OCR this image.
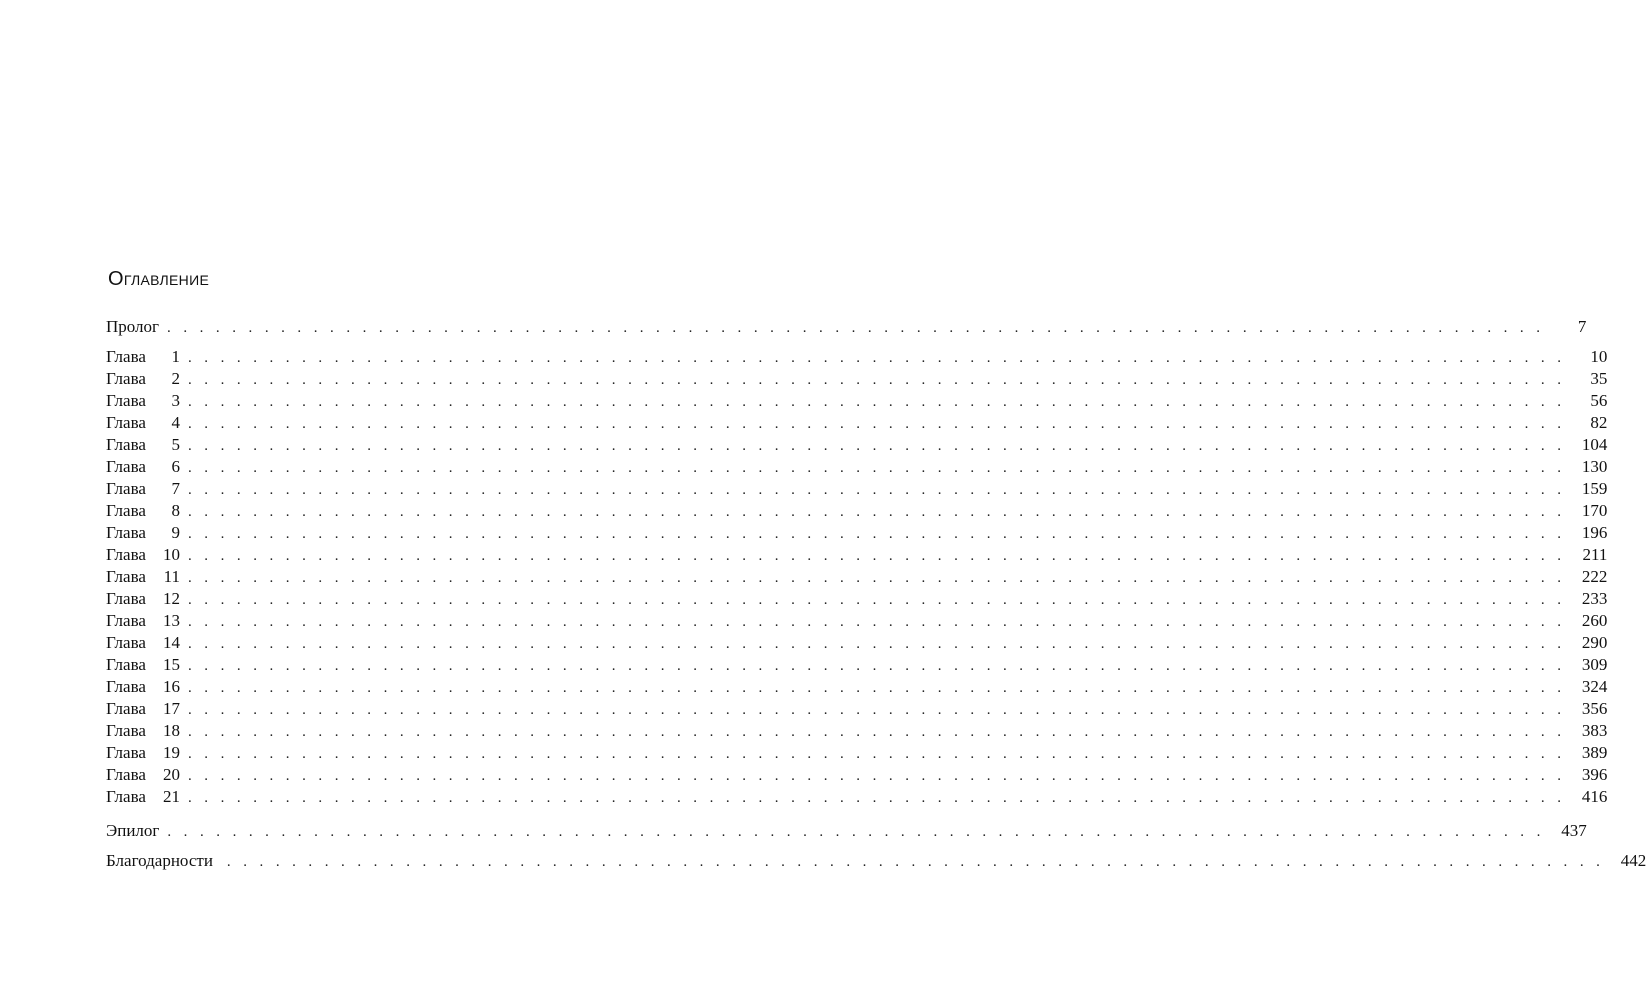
Оглавление
Пролог . . . . . . . . . . . . . . . . . . . . . . . . . . . . . . . . . . . . . . . . . . . . . . . . . . . . . . . . . . . . . . . . . . . . . . . . . . . . . . . . . . . . .	7
Глава	1 . . . . . . . . . . . . . . . . . . . . . . . . . . . . . . . . . . . . . . . . . . . . . . . . . . . . . . . . . . . . . . . . . . . . . . . . . . . . . . . . . . . . .	10
Глава	2 . . . . . . . . . . . . . . . . . . . . . . . . . . . . . . . . . . . . . . . . . . . . . . . . . . . . . . . . . . . . . . . . . . . . . . . . . . . . . . . . . . . . .	35
Глава	3 . . . . . . . . . . . . . . . . . . . . . . . . . . . . . . . . . . . . . . . . . . . . . . . . . . . . . . . . . . . . . . . . . . . . . . . . . . . . . . . . . . . . .	56
Глава	4 . . . . . . . . . . . . . . . . . . . . . . . . . . . . . . . . . . . . . . . . . . . . . . . . . . . . . . . . . . . . . . . . . . . . . . . . . . . . . . . . . . . . .	82
Глава	5 . . . . . . . . . . . . . . . . . . . . . . . . . . . . . . . . . . . . . . . . . . . . . . . . . . . . . . . . . . . . . . . . . . . . . . . . . . . . . . . . . . . . . 104
Глава	6 . . . . . . . . . . . . . . . . . . . . . . . . . . . . . . . . . . . . . . . . . . . . . . . . . . . . . . . . . . . . . . . . . . . . . . . . . . . . . . . . . . . . . 130
Глава	7 . . . . . . . . . . . . . . . . . . . . . . . . . . . . . . . . . . . . . . . . . . . . . . . . . . . . . . . . . . . . . . . . . . . . . . . . . . . . . . . . . . . . . 159
Глава	8 . . . . . . . . . . . . . . . . . . . . . . . . . . . . . . . . . . . . . . . . . . . . . . . . . . . . . . . . . . . . . . . . . . . . . . . . . . . . . . . . . . . . . 170
Глава	9 . . . . . . . . . . . . . . . . . . . . . . . . . . . . . . . . . . . . . . . . . . . . . . . . . . . . . . . . . . . . . . . . . . . . . . . . . . . . . . . . . . . . . 196
Глава	10 . . . . . . . . . . . . . . . . . . . . . . . . . . . . . . . . . . . . . . . . . . . . . . . . . . . . . . . . . . . . . . . . . . . . . . . . . . . . . . . . . . . . .	211
Глава	11 . . . . . . . . . . . . . . . . . . . . . . . . . . . . . . . . . . . . . . . . . . . . . . . . . . . . . . . . . . . . . . . . . . . . . . . . . . . . . . . . . . . . . 222
Глава	12 . . . . . . . . . . . . . . . . . . . . . . . . . . . . . . . . . . . . . . . . . . . . . . . . . . . . . . . . . . . . . . . . . . . . . . . . . . . . . . . . . . . . . 233
Глава	13 . . . . . . . . . . . . . . . . . . . . . . . . . . . . . . . . . . . . . . . . . . . . . . . . . . . . . . . . . . . . . . . . . . . . . . . . . . . . . . . . . . . . . 260
Глава	14 . . . . . . . . . . . . . . . . . . . . . . . . . . . . . . . . . . . . . . . . . . . . . . . . . . . . . . . . . . . . . . . . . . . . . . . . . . . . . . . . . . . . . 290
Глава	15 . . . . . . . . . . . . . . . . . . . . . . . . . . . . . . . . . . . . . . . . . . . . . . . . . . . . . . . . . . . . . . . . . . . . . . . . . . . . . . . . . . . . . 309
Глава	16 . . . . . . . . . . . . . . . . . . . . . . . . . . . . . . . . . . . . . . . . . . . . . . . . . . . . . . . . . . . . . . . . . . . . . . . . . . . . . . . . . . . . . 324
Глава	17 . . . . . . . . . . . . . . . . . . . . . . . . . . . . . . . . . . . . . . . . . . . . . . . . . . . . . . . . . . . . . . . . . . . . . . . . . . . . . . . . . . . . . 356
Глава	18 . . . . . . . . . . . . . . . . . . . . . . . . . . . . . . . . . . . . . . . . . . . . . . . . . . . . . . . . . . . . . . . . . . . . . . . . . . . . . . . . . . . . . 383
Глава	19 . . . . . . . . . . . . . . . . . . . . . . . . . . . . . . . . . . . . . . . . . . . . . . . . . . . . . . . . . . . . . . . . . . . . . . . . . . . . . . . . . . . . . 389
Глава	20 . . . . . . . . . . . . . . . . . . . . . . . . . . . . . . . . . . . . . . . . . . . . . . . . . . . . . . . . . . . . . . . . . . . . . . . . . . . . . . . . . . . . . 396
Глава	21 . . . . . . . . . . . . . . . . . . . . . . . . . . . . . . . . . . . . . . . . . . . . . . . . . . . . . . . . . . . . . . . . . . . . . . . . . . . . . . . . . . . . . 416
Эпилог . . . . . . . . . . . . . . . . . . . . . . . . . . . . . . . . . . . . . . . . . . . . . . . . . . . . . . . . . . . . . . . . . . . . . . . . . . . . . . . . . . . . . 437
Благодарности . . . . . . . . . . . . . . . . . . . . . . . . . . . . . . . . . . . . . . . . . . . . . . . . . . . . . . . . . . . . . . . . . . . . . . . . . . . . . . . . . . . . . 442
